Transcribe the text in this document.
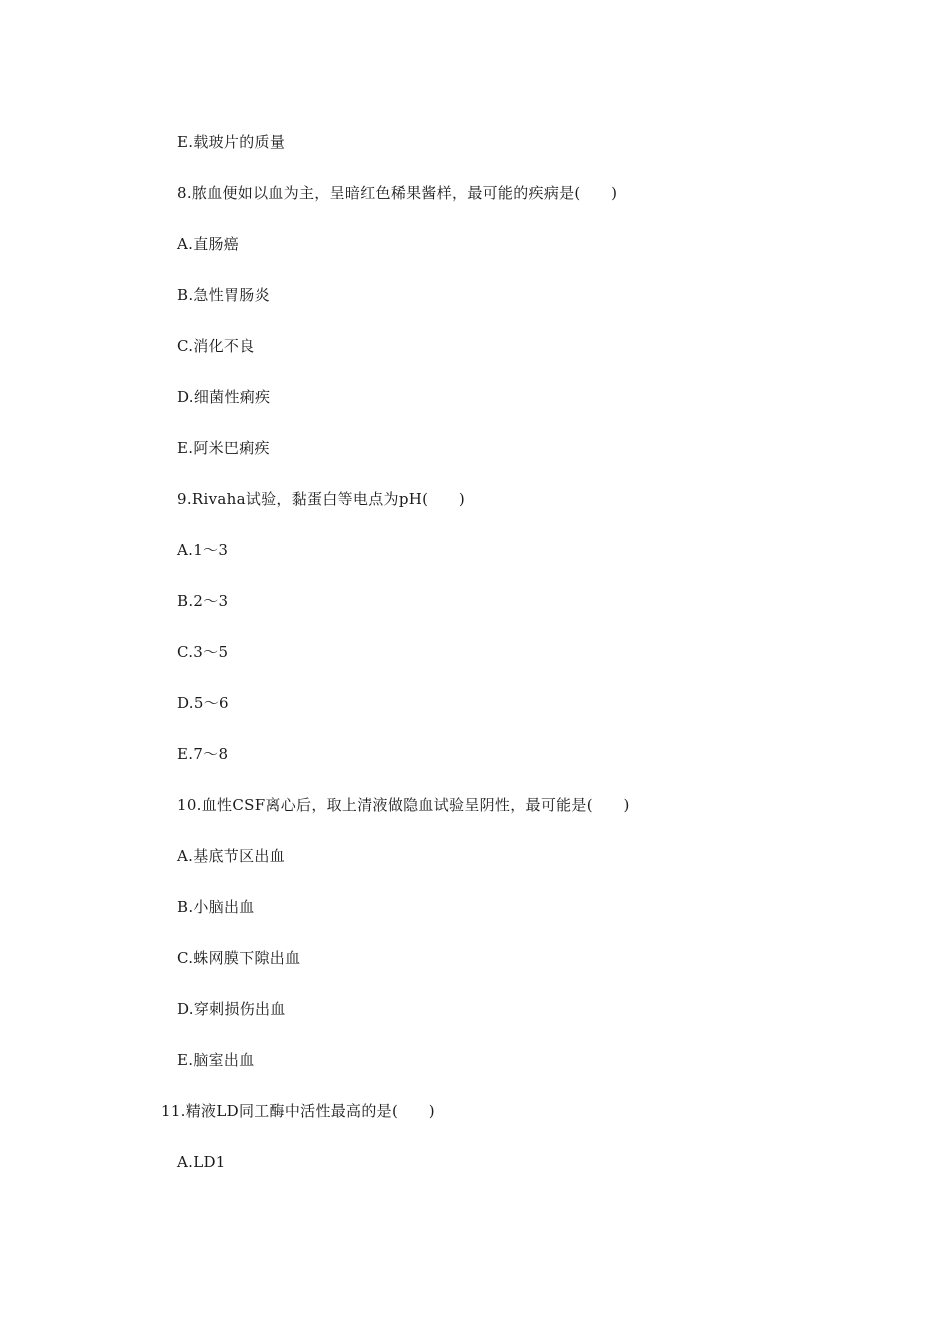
E.载玻片的质量
8.脓血便如以血为主，呈暗红色稀果酱样，最可能的疾病是(　　)
A.直肠癌
B.急性胃肠炎
C.消化不良
D.细菌性痢疾
E.阿米巴痢疾
9.Rivaha试验，黏蛋白等电点为pH(　　)
A.1～3
B.2～3
C.3～5
D.5～6
E.7～8
10.血性CSF离心后，取上清液做隐血试验呈阴性，最可能是(　　)
A.基底节区出血
B.小脑出血
C.蛛网膜下隙出血
D.穿刺损伤出血
E.脑室出血
11.精液LD同工酶中活性最高的是(　　)
A.LD1
